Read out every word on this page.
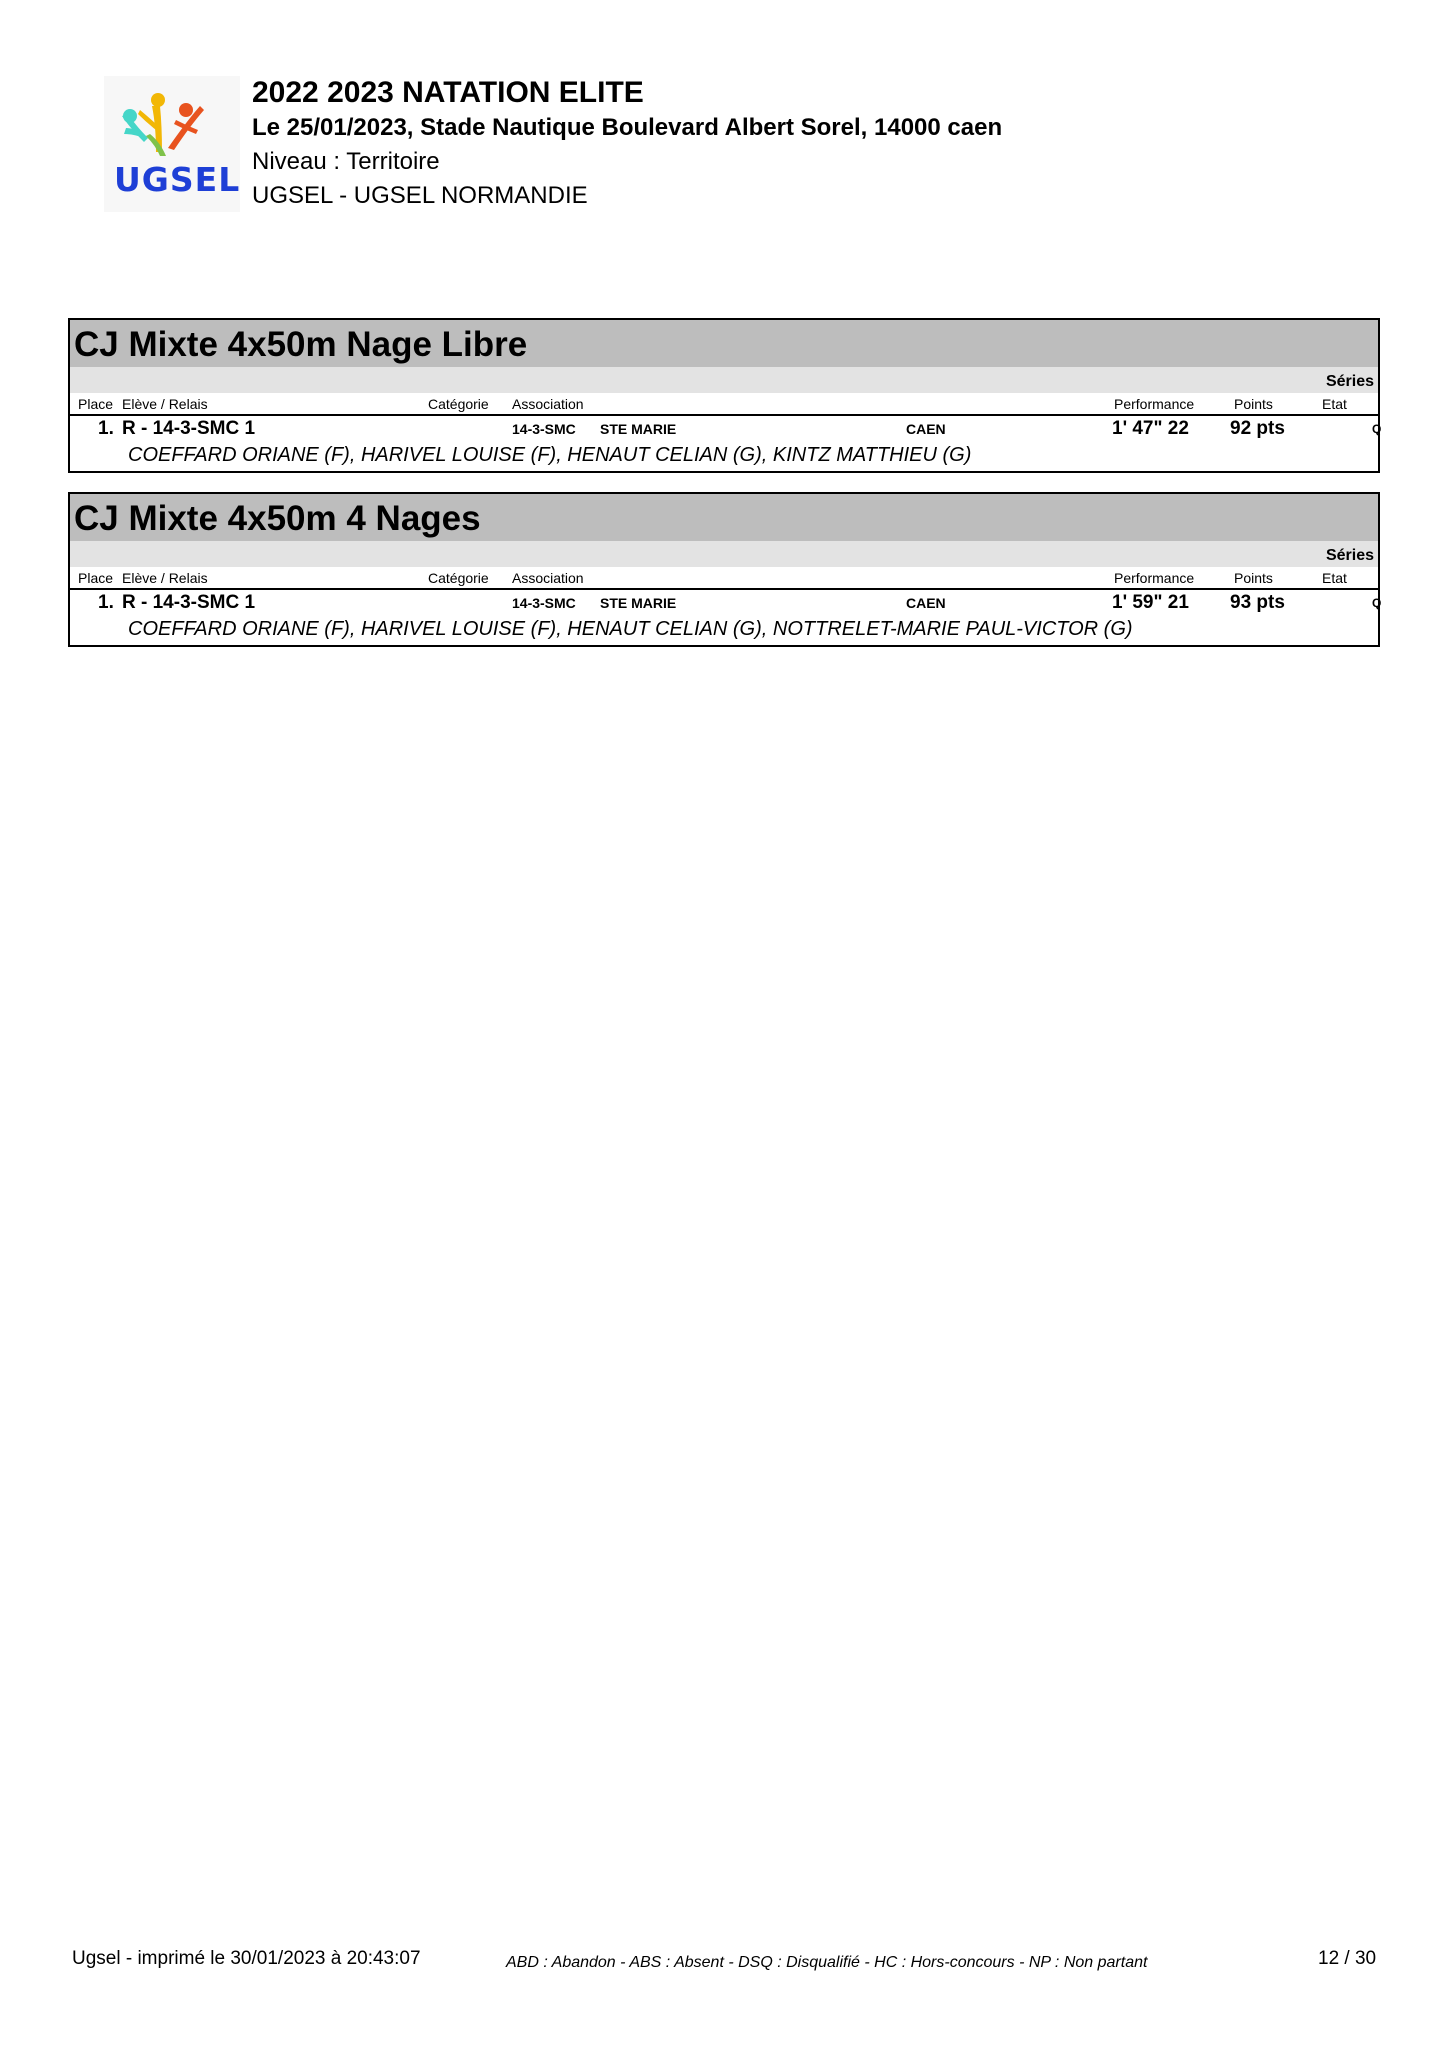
UGSEL
2022 2023 NATATION ELITE
Le 25/01/2023, Stade Nautique Boulevard Albert Sorel, 14000 caen
Niveau : Territoire
UGSEL - UGSEL NORMANDIE
CJ Mixte 4x50m Nage Libre
Séries
Place Elève / Relais	Catégorie Association	Performance	Points	Etat
1. R - 14-3-SMC 1	14-3-SMC STE MARIE	CAEN	1' 47" 22 92 pts	Q
COEFFARD ORIANE (F), HARIVEL LOUISE (F), HENAUT CELIAN (G), KINTZ MATTHIEU (G)
CJ Mixte 4x50m 4 Nages
Séries
Place Elève / Relais	Catégorie Association	Performance	Points	Etat
1. R - 14-3-SMC 1	14-3-SMC STE MARIE	CAEN	1' 59" 21 93 pts	Q
COEFFARD ORIANE (F), HARIVEL LOUISE (F), HENAUT CELIAN (G), NOTTRELET-MARIE PAUL-VICTOR (G)
Ugsel - imprimé le 30/01/2023 à 20:43:07	ABD : Abandon - ABS : Absent - DSQ : Disqualifié - HC : Hors-concours - NP : Non partant	12 / 30
